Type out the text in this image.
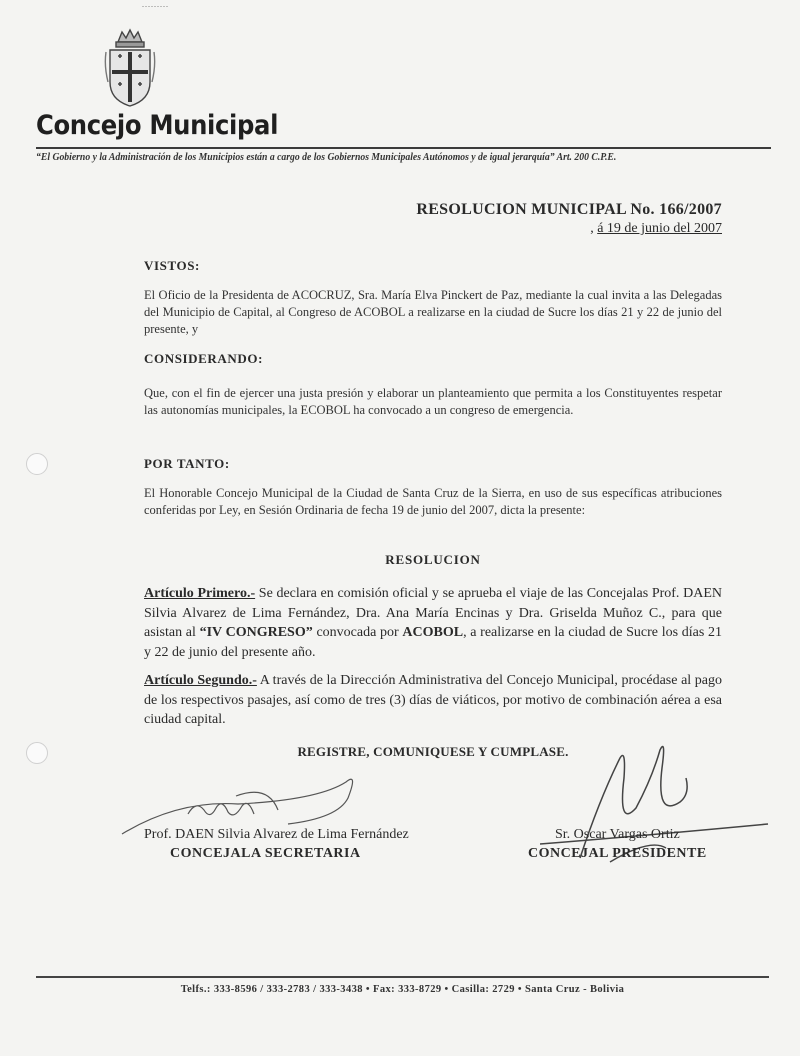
.........
Concejo Municipal
“El Gobierno y la Administración de los Municipios están a cargo de los Gobiernos Municipales Autónomos y de igual jerarquía” Art. 200 C.P.E.
RESOLUCION MUNICIPAL No. 166/2007
, á 19 de junio del 2007
VISTOS:
El Oficio de la Presidenta de ACOCRUZ, Sra. María Elva Pinckert de Paz, mediante la cual invita a las Delegadas del Municipio de Capital, al Congreso de ACOBOL a realizarse en la ciudad de Sucre los días 21 y 22 de junio del presente, y
CONSIDERANDO:
Que, con el fin de ejercer una justa presión y elaborar un planteamiento que permita a los Constituyentes respetar las autonomías municipales, la ECOBOL ha convocado a un congreso de emergencia.
POR TANTO:
El Honorable Concejo Municipal de la Ciudad de Santa Cruz de la Sierra, en uso de sus específicas atribuciones conferidas por Ley, en Sesión Ordinaria de fecha 19 de junio del 2007, dicta la presente:
RESOLUCION
Artículo Primero.- Se declara en comisión oficial y se aprueba el viaje de las Concejalas Prof. DAEN Silvia Alvarez de Lima Fernández, Dra. Ana María Encinas y Dra. Griselda Muñoz C., para que asistan al “IV CONGRESO” convocada por ACOBOL, a realizarse en la ciudad de Sucre los días 21 y 22 de junio del presente año.
Artículo Segundo.- A través de la Dirección Administrativa del Concejo Municipal, procédase al pago de los respectivos pasajes, así como de tres (3) días de viáticos, por motivo de combinación aérea a esa ciudad capital.
REGISTRE, COMUNIQUESE Y CUMPLASE.
Prof. DAEN Silvia Alvarez de Lima Fernández
CONCEJALA SECRETARIA
Sr. Oscar Vargas Ortiz
CONCEJAL PRESIDENTE
Telfs.: 333-8596 / 333-2783 / 333-3438 • Fax: 333-8729 • Casilla: 2729 • Santa Cruz - Bolivia
